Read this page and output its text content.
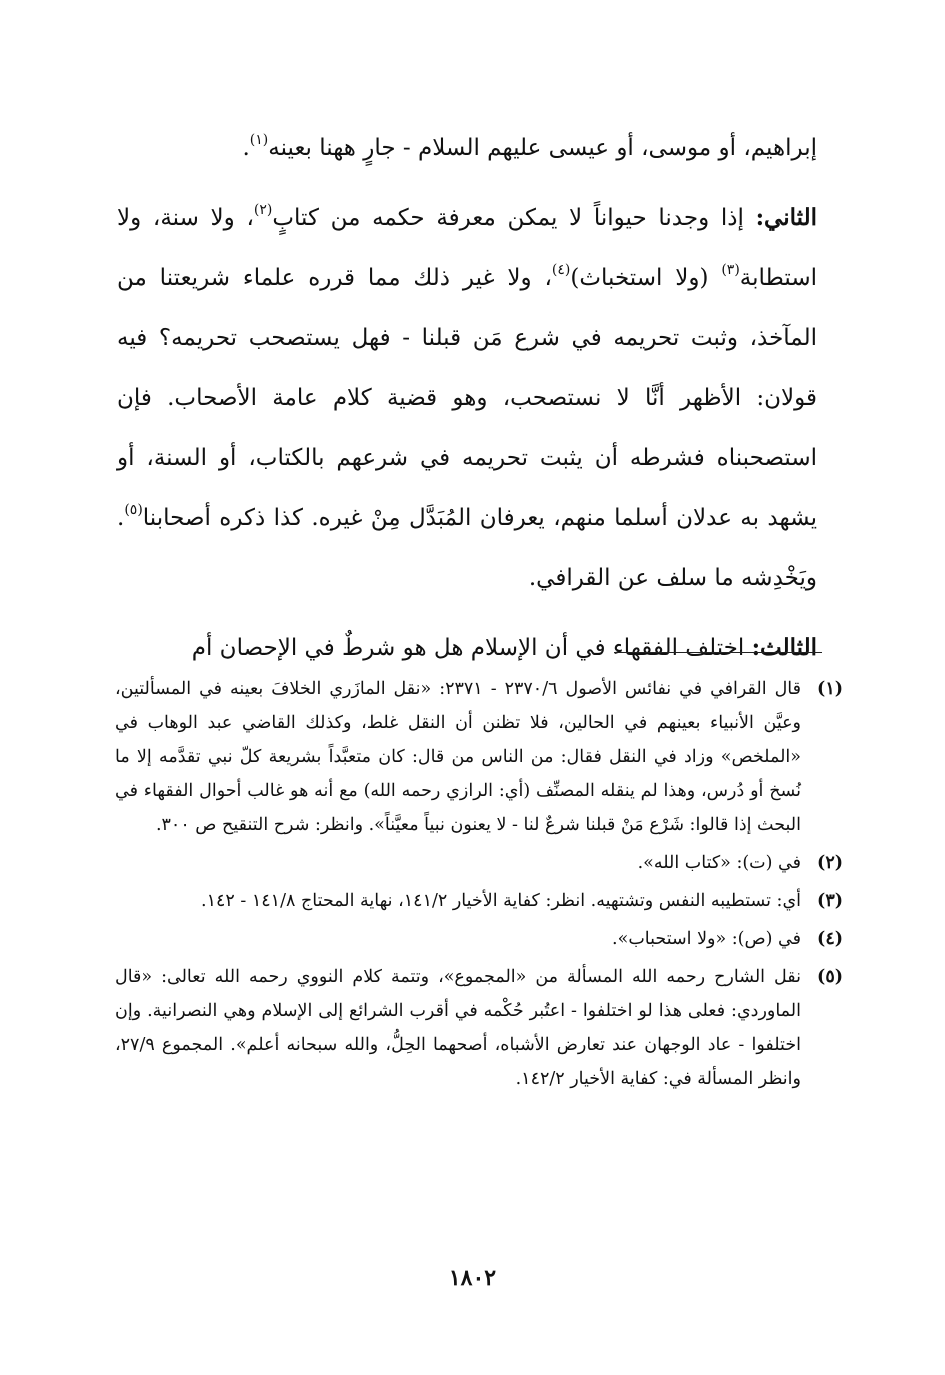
إبراهيم، أو موسى، أو عيسى عليهم السلام - جارٍ ههنا بعينه$^{(١)}$.

الثاني: إذا وجدنا حيواناً لا يمكن معرفة حكمه من كتابٍ$^{(٢)}$، ولا سنة، ولا استطابة$^{(٣)}$ (ولا استخباث)$^{(٤)}$، ولا غير ذلك مما قرره علماء شريعتنا من المآخذ، وثبت تحريمه في شرع مَن قبلنا - فهل يستصحب تحريمه؟ فيه قولان: الأظهر أنَّا لا نستصحب، وهو قضية كلام عامة الأصحاب. فإن استصحبناه فشرطه أن يثبت تحريمه في شرعهم بالكتاب، أو السنة، أو يشهد به عدلان أسلما منهم، يعرفان المُبَدَّل مِنْ غيره. كذا ذكره أصحابنا$^{(٥)}$. ويَخْدِشه ما سلف عن القرافي.

الثالث: اختلف الفقهاء في أن الإسلام هل هو شرطٌ في الإحصان أم

(١)
قال القرافي في نفائس الأصول ٢٣٧٠/٦ - ٢٣٧١: «نقل المازَري الخلافَ بعينه في المسألتين، وعيَّن الأنبياء بعينهم في الحالين، فلا تظنن أن النقل غلط، وكذلك القاضي عبد الوهاب في «الملخص» وزاد في النقل فقال: من الناس من قال: كان متعبَّداً بشريعة كلّ نبي تقدَّمه إلا ما نُسخ أو دُرس، وهذا لم ينقله المصنِّف (أي: الرازي رحمه الله) مع أنه هو غالب أحوال الفقهاء في البحث إذا قالوا: شَرْع مَنْ قبلنا شرعٌ لنا - لا يعنون نبياً معيَّناً». وانظر: شرح التنقيح ص ٣٠٠.
(٢)
في (ت): «كتاب الله».
(٣)
أي: تستطيبه النفس وتشتهيه. انظر: كفاية الأخيار ١٤١/٢، نهاية المحتاج ١٤١/٨ - ١٤٢.
(٤)
في (ص): «ولا استحباب».
(٥)
نقل الشارح رحمه الله المسألة من «المجموع»، وتتمة كلام النووي رحمه الله تعالى: «قال الماوردي: فعلى هذا لو اختلفوا - اعتُبر حُكْمه في أقرب الشرائع إلى الإسلام وهي النصرانية. وإن اختلفوا - عاد الوجهان عند تعارض الأشباه، أصحهما الحِلُّ، والله سبحانه أعلم». المجموع ٢٧/٩، وانظر المسألة في: كفاية الأخيار ١٤٢/٢.
١٨٠٢
